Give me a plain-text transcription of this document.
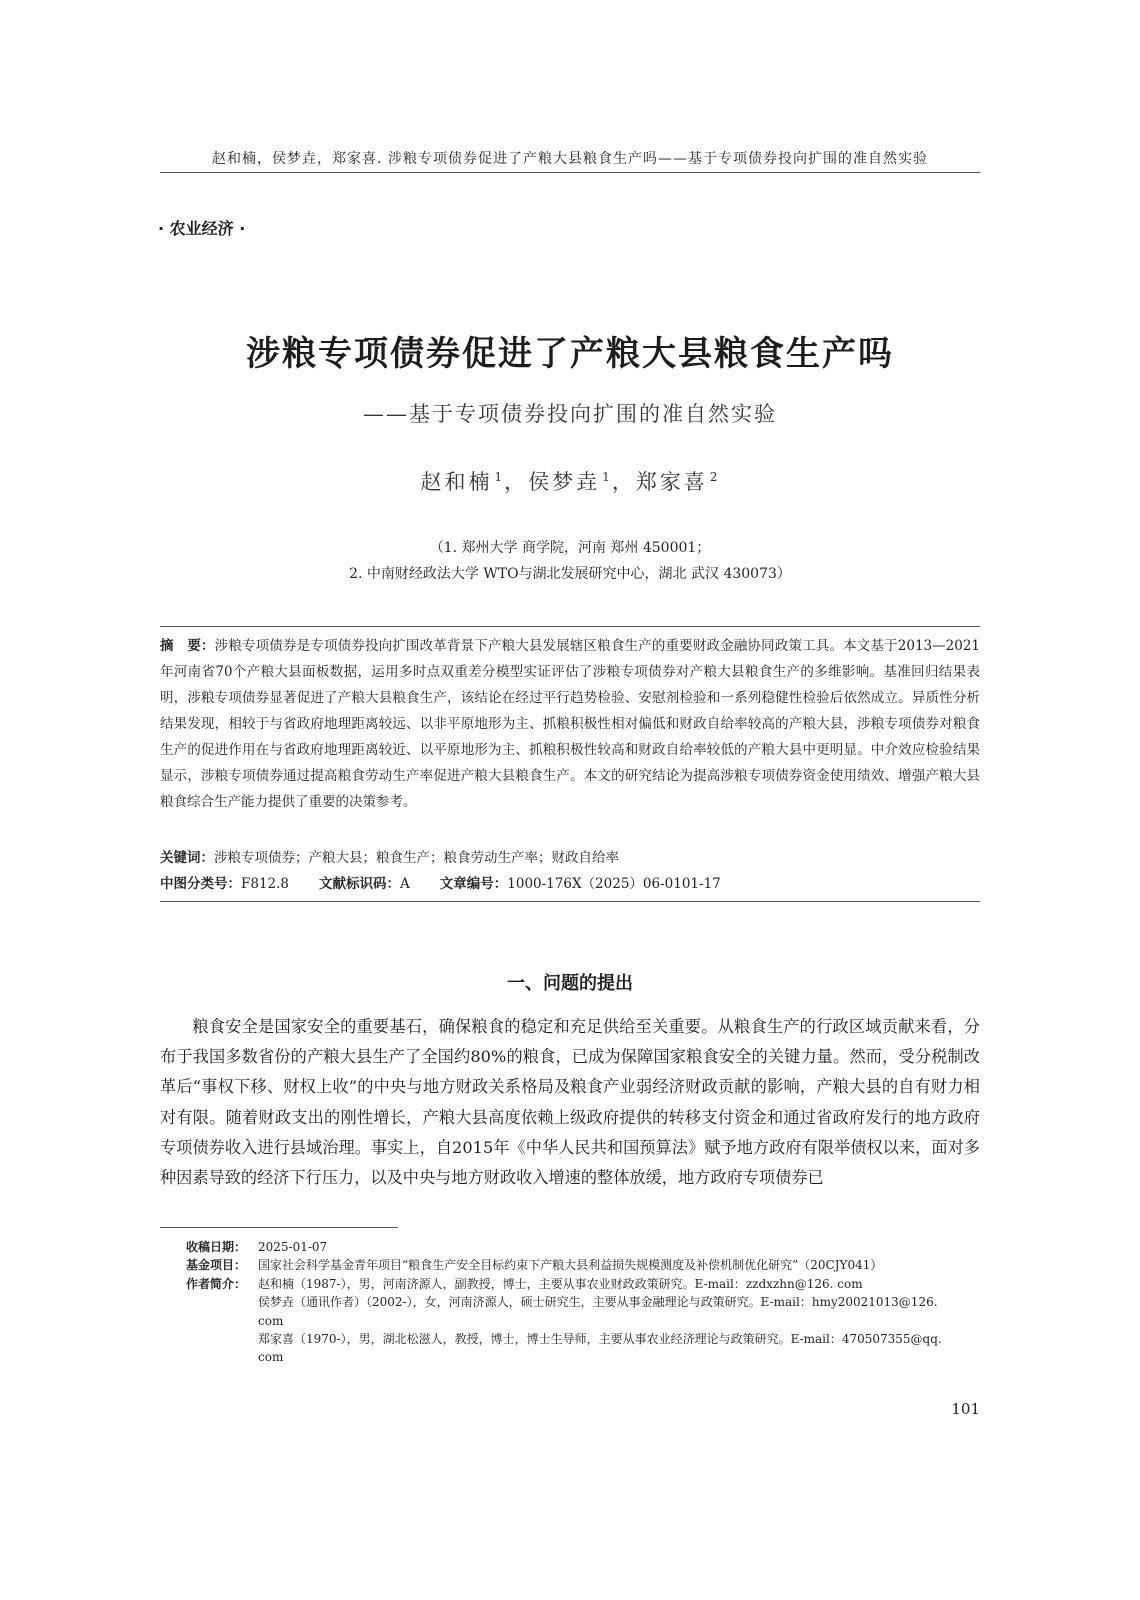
赵和楠，侯梦垚，郑家喜. 涉粮专项债券促进了产粮大县粮食生产吗——基于专项债券投向扩围的准自然实验
· 农业经济 ·
涉粮专项债券促进了产粮大县粮食生产吗
——基于专项债券投向扩围的准自然实验
赵和楠 $^1$，侯梦垚 $^1$，郑家喜 $^2$
（1. 郑州大学 商学院，河南 郑州 450001；
2. 中南财经政法大学 WTO与湖北发展研究中心，湖北 武汉 430073）
摘　要：涉粮专项债券是专项债券投向扩围改革背景下产粮大县发展辖区粮食生产的重要财政金融协同政策工具。本文基于2013—2021年河南省70个产粮大县面板数据，运用多时点双重差分模型实证评估了涉粮专项债券对产粮大县粮食生产的多维影响。基准回归结果表明，涉粮专项债券显著促进了产粮大县粮食生产，该结论在经过平行趋势检验、安慰剂检验和一系列稳健性检验后依然成立。异质性分析结果发现，相较于与省政府地理距离较远、以非平原地形为主、抓粮积极性相对偏低和财政自给率较高的产粮大县，涉粮专项债券对粮食生产的促进作用在与省政府地理距离较近、以平原地形为主、抓粮积极性较高和财政自给率较低的产粮大县中更明显。中介效应检验结果显示，涉粮专项债券通过提高粮食劳动生产率促进产粮大县粮食生产。本文的研究结论为提高涉粮专项债券资金使用绩效、增强产粮大县粮食综合生产能力提供了重要的决策参考。
关键词：涉粮专项债券；产粮大县；粮食生产；粮食劳动生产率；财政自给率
中图分类号：F812.8 文献标识码：A 文章编号：1000-176X（2025）06-0101-17
一、问题的提出

粮食安全是国家安全的重要基石，确保粮食的稳定和充足供给至关重要。从粮食生产的行政区域贡献来看，分布于我国多数省份的产粮大县生产了全国约80%的粮食，已成为保障国家粮食安全的关键力量。然而，受分税制改革后“事权下移、财权上收”的中央与地方财政关系格局及粮食产业弱经济财政贡献的影响，产粮大县的自有财力相对有限。随着财政支出的刚性增长，产粮大县高度依赖上级政府提供的转移支付资金和通过省政府发行的地方政府专项债券收入进行县域治理。事实上，自2015年《中华人民共和国预算法》赋予地方政府有限举债权以来，面对多种因素导致的经济下行压力，以及中央与地方财政收入增速的整体放缓，地方政府专项债券已

收稿日期： 2025-01-07
基金项目： 国家社会科学基金青年项目“粮食生产安全目标约束下产粮大县利益损失规模测度及补偿机制优化研究”（20CJY041）
作者简介： 赵和楠（1987-），男，河南济源人，副教授，博士，主要从事农业财政政策研究。E-mail：zzdxzhn@126. com
侯梦垚（通讯作者）（2002-），女，河南济源人，硕士研究生，主要从事金融理论与政策研究。E-mail：hmy20021013@126. com
郑家喜（1970-），男，湖北松滋人，教授，博士，博士生导师，主要从事农业经济理论与政策研究。E-mail：470507355@qq. com
101
